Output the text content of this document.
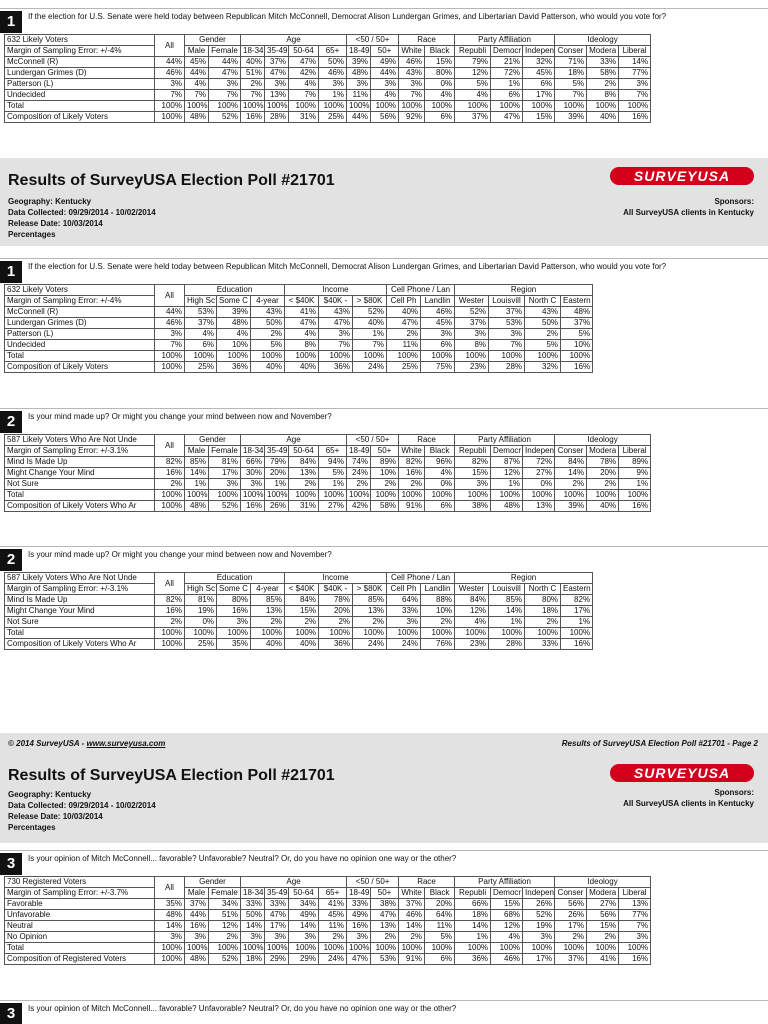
1	If the election for U.S. Senate were held today between Republican Mitch McConnell, Democrat Alison Lundergan Grimes, and Libertarian David Patterson, who would you vote for?
632 Likely Voters	All	Gender		Age				<50 / 50+		Race		Party Affiliation			Ideology		
Margin of Sampling Error: +/-4%		Male	Female	18-34	35-49	50-64	65+	18-49	50+	White	Black	Republi	Democr	Indepen	Conser	Modera	Liberal
McConnell (R)	44%	45%	44%	40%	37%	47%	50%	39%	49%	46%	15%	79%	21%	32%	71%	33%	14%
Lundergan Grimes (D)	46%	44%	47%	51%	47%	42%	46%	48%	44%	43%	80%	12%	72%	45%	18%	58%	77%
Patterson (L)	3%	4%	3%	2%	3%	4%	3%	3%	3%	3%	0%	5%	1%	6%	5%	2%	3%
Undecided	7%	7%	7%	7%	13%	7%	1%	11%	4%	7%	4%	4%	6%	17%	7%	8%	7%
Total	100%	100%	100%	100%	100%	100%	100%	100%	100%	100%	100%	100%	100%	100%	100%	100%	100%
Composition of Likely Voters	100%	48%	52%	16%	28%	31%	25%	44%	56%	92%	6%	37%	47%	15%	39%	40%	16%
1	If the election for U.S. Senate were held today between Republican Mitch McConnell, Democrat Alison Lundergan Grimes, and Libertarian David Patterson, who would you vote for?
632 Likely Voters	All	Education			Income			Cell Phone / Lan		Region			
Margin of Sampling Error: +/-4%		High Sc	Some C	4-year	< $40K	$40K -	> $80K	Cell Ph	Landlin	Wester	Louisvill	North C	Eastern
McConnell (R)	44%	53%	39%	43%	41%	43%	52%	40%	46%	52%	37%	43%	48%
Lundergan Grimes (D)	46%	37%	48%	50%	47%	47%	40%	47%	45%	37%	53%	50%	37%
Patterson (L)	3%	4%	4%	2%	4%	3%	1%	2%	3%	3%	3%	2%	5%
Undecided	7%	6%	10%	5%	8%	7%	7%	11%	6%	8%	7%	5%	10%
Total	100%	100%	100%	100%	100%	100%	100%	100%	100%	100%	100%	100%	100%
Composition of Likely Voters	100%	25%	36%	40%	40%	36%	24%	25%	75%	23%	28%	32%	16%
2	Is your mind made up? Or might you change your mind between now and November?
587 Likely Voters Who Are Not Unde	All	Gender		Age				<50 / 50+		Race		Party Affiliation			Ideology		
Margin of Sampling Error: +/-3.1%		Male	Female	18-34	35-49	50-64	65+	18-49	50+	White	Black	Republi	Democr	Indepen	Conser	Modera	Liberal
Mind Is Made Up	82%	85%	81%	66%	79%	84%	94%	74%	89%	82%	96%	82%	87%	72%	84%	78%	89%
Might Change Your Mind	16%	14%	17%	30%	20%	13%	5%	24%	10%	16%	4%	15%	12%	27%	14%	20%	9%
Not Sure	2%	1%	3%	3%	1%	2%	1%	2%	2%	2%	0%	3%	1%	0%	2%	2%	1%
Total	100%	100%	100%	100%	100%	100%	100%	100%	100%	100%	100%	100%	100%	100%	100%	100%	100%
Composition of Likely Voters Who Ar	100%	48%	52%	16%	26%	31%	27%	42%	58%	91%	6%	38%	48%	13%	39%	40%	16%
2	Is your mind made up? Or might you change your mind between now and November?
587 Likely Voters Who Are Not Unde	All	Education			Income			Cell Phone / Lan		Region			
Margin of Sampling Error: +/-3.1%		High Sc	Some C	4-year	< $40K	$40K -	> $80K	Cell Ph	Landlin	Wester	Louisvill	North C	Eastern
Mind Is Made Up	82%	81%	80%	85%	84%	78%	85%	64%	88%	84%	85%	80%	82%
Might Change Your Mind	16%	19%	16%	13%	15%	20%	13%	33%	10%	12%	14%	18%	17%
Not Sure	2%	0%	3%	2%	2%	2%	2%	3%	2%	4%	1%	2%	1%
Total	100%	100%	100%	100%	100%	100%	100%	100%	100%	100%	100%	100%	100%
Composition of Likely Voters Who Ar	100%	25%	35%	40%	40%	36%	24%	24%	76%	23%	28%	33%	16%
3	Is your opinion of Mitch McConnell... favorable? Unfavorable? Neutral? Or, do you have no opinion one way or the other?
730 Registered Voters	All	Gender		Age				<50 / 50+		Race		Party Affiliation			Ideology		
Margin of Sampling Error: +/-3.7%		Male	Female	18-34	35-49	50-64	65+	18-49	50+	White	Black	Republi	Democr	Indepen	Conser	Modera	Liberal
Favorable	35%	37%	34%	33%	33%	34%	41%	33%	38%	37%	20%	66%	15%	26%	56%	27%	13%
Unfavorable	48%	44%	51%	50%	47%	49%	45%	49%	47%	46%	64%	18%	68%	52%	26%	56%	77%
Neutral	14%	16%	12%	14%	17%	14%	11%	16%	13%	14%	11%	14%	12%	19%	17%	15%	7%
No Opinion	3%	3%	2%	3%	3%	3%	2%	3%	2%	2%	5%	1%	4%	3%	2%	2%	3%
Total	100%	100%	100%	100%	100%	100%	100%	100%	100%	100%	100%	100%	100%	100%	100%	100%	100%
Composition of Registered Voters	100%	48%	52%	18%	29%	29%	24%	47%	53%	91%	6%	36%	46%	17%	37%	41%	16%
3	Is your opinion of Mitch McConnell... favorable? Unfavorable? Neutral? Or, do you have no opinion one way or the other?
Results of SurveyUSA Election Poll #21701
Geography: Kentucky
Data Collected: 09/29/2014 - 10/02/2014
Release Date: 10/03/2014
Percentages
SURVEYUSA
Sponsors:
All SurveyUSA clients in Kentucky
© 2014 SurveyUSA - www.surveyusa.com	Results of SurveyUSA Election Poll #21701 - Page 2
Results of SurveyUSA Election Poll #21701
Geography: Kentucky
Data Collected: 09/29/2014 - 10/02/2014
Release Date: 10/03/2014
Percentages
SURVEYUSA
Sponsors:
All SurveyUSA clients in Kentucky
